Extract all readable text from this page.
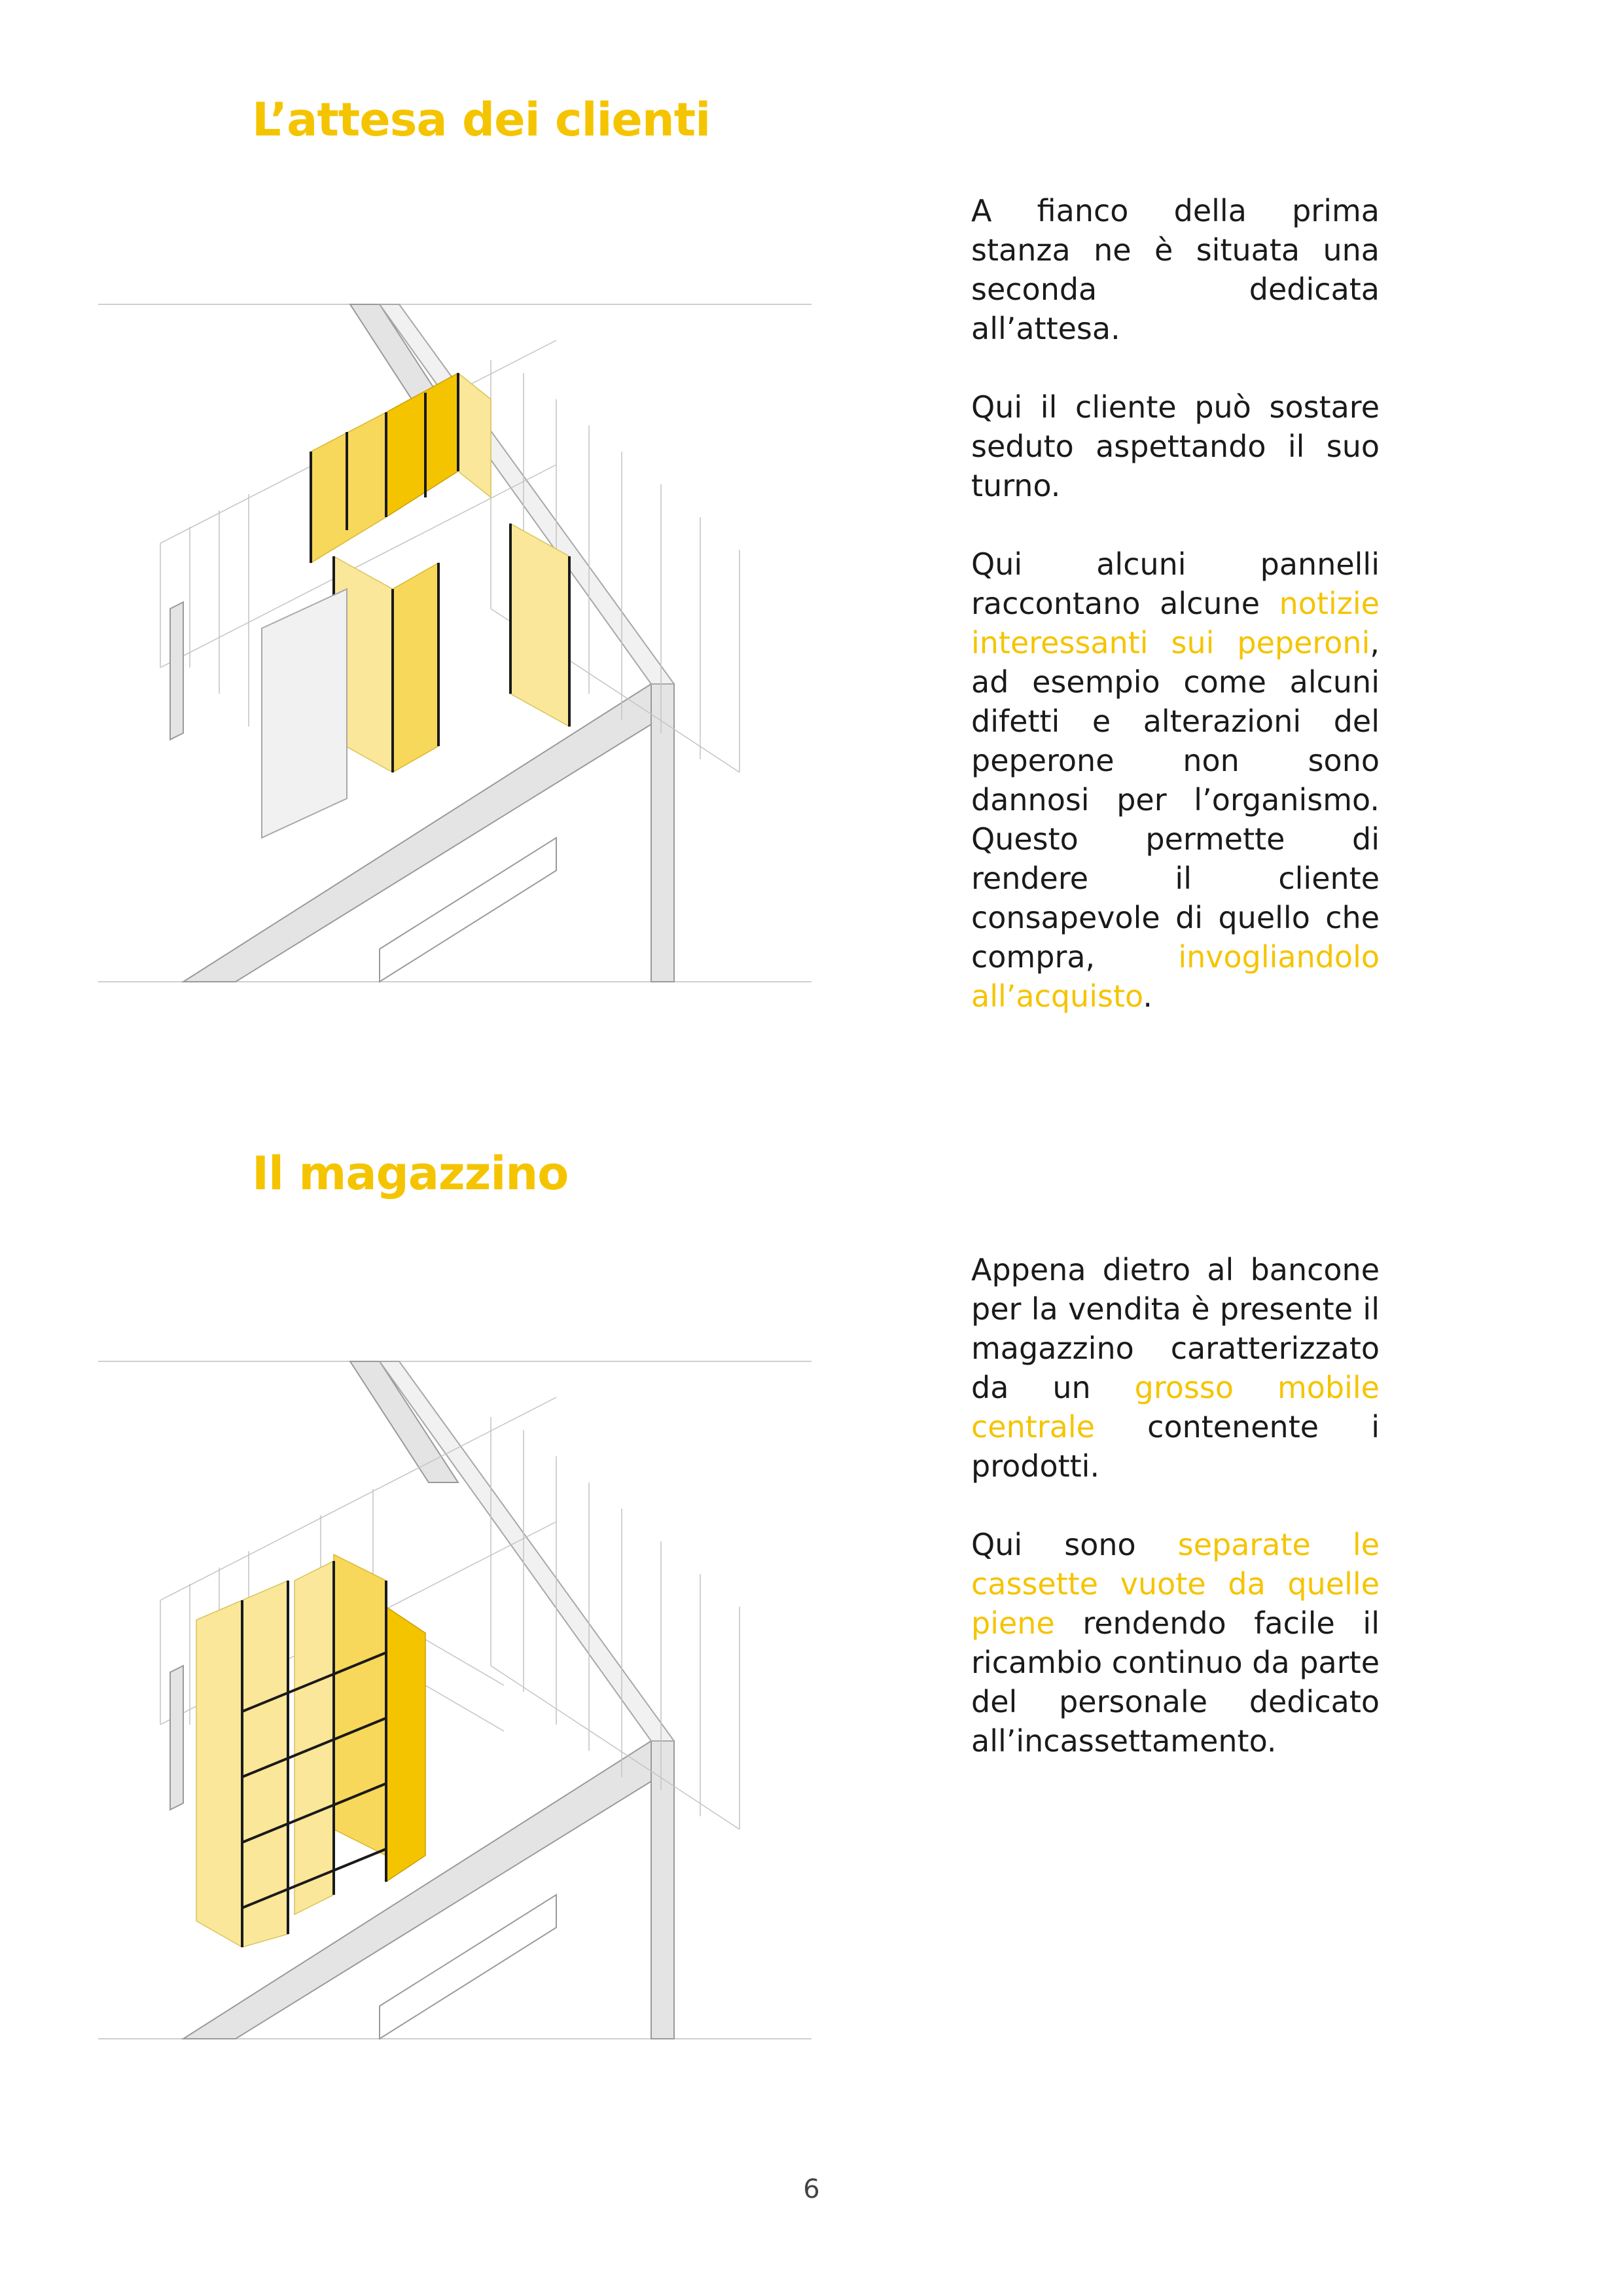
L’attesa dei clienti

A fianco della prima stanza ne è situata una seconda dedicata all’attesa.

Qui il cliente può sostare seduto aspettando il suo turno.

Qui alcuni pannelli raccontano alcune notizie interessanti sui peperoni, ad esempio come alcuni difetti e alterazioni del peperone non sono dannosi per l’organismo. Questo permette di rendere il cliente consapevole di quello che compra, invogliandolo all’acquisto.

Il magazzino

Appena dietro al bancone per la vendita è presente il magazzino caratterizzato da un grosso mobile centrale contenente i prodotti.

Qui sono separate le cassette vuote da quelle piene rendendo facile il ricambio continuo da parte del personale dedicato all’incassettamento.

6
